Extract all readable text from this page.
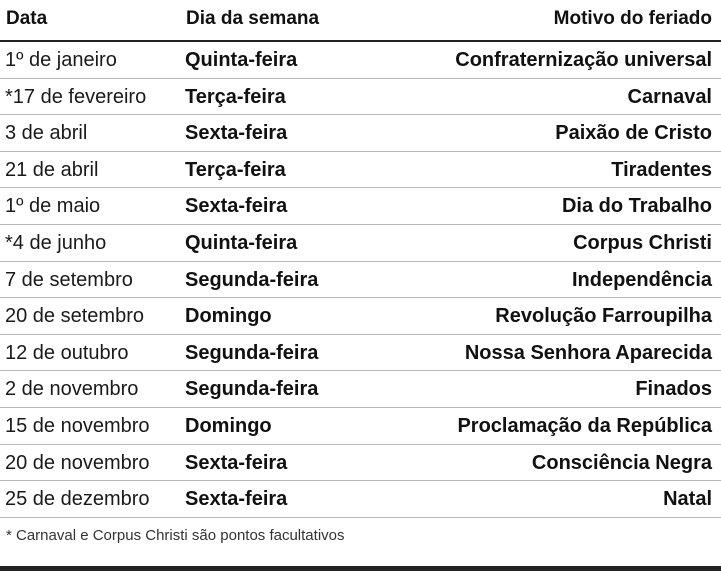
Data	Dia da semana	Motivo do feriado
1º de janeiro	Quinta-feira	Confraternização universal
*17 de fevereiro Terça-feira	Carnaval
3 de abril	Sexta-feira	Paixão de Cristo
21 de abril	Terça-feira	Tiradentes
1º de maio	Sexta-feira	Dia do Trabalho
*4 de junho	Quinta-feira	Corpus Christi
7 de setembro	Segunda-feira	Independência
20 de setembro Domingo	Revolução Farroupilha
12 de outubro	Segunda-feira	Nossa Senhora Aparecida
2 de novembro Segunda-feira	Finados
15 de novembro Domingo	Proclamação da República
20 de novembro Sexta-feira	Consciência Negra
25 de dezembro Sexta-feira	Natal
* Carnaval e Corpus Christi são pontos facultativos
